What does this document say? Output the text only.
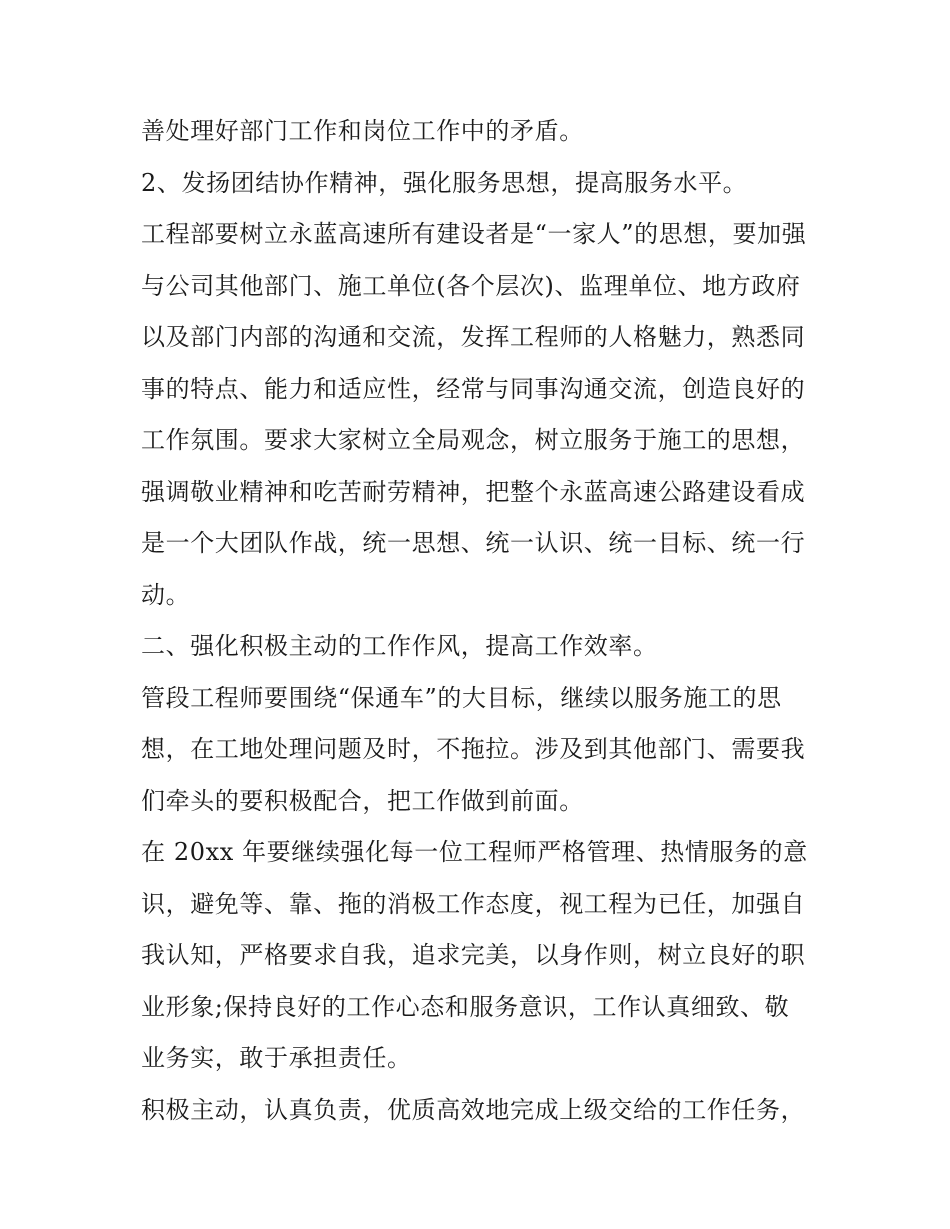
善处理好部门工作和岗位工作中的矛盾。
2、发扬团结协作精神，强化服务思想，提高服务水平。
工程部要树立永蓝高速所有建设者是“一家人”的思想，要加强
与公司其他部门、施工单位(各个层次)、监理单位、地方政府
以及部门内部的沟通和交流，发挥工程师的人格魅力，熟悉同
事的特点、能力和适应性，经常与同事沟通交流，创造良好的
工作氛围。要求大家树立全局观念，树立服务于施工的思想，
强调敬业精神和吃苦耐劳精神，把整个永蓝高速公路建设看成
是一个大团队作战，统一思想、统一认识、统一目标、统一行
动。
二、强化积极主动的工作作风，提高工作效率。
管段工程师要围绕“保通车”的大目标，继续以服务施工的思
想，在工地处理问题及时，不拖拉。涉及到其他部门、需要我
们牵头的要积极配合，把工作做到前面。
在 20xx 年要继续强化每一位工程师严格管理、热情服务的意
识，避免等、靠、拖的消极工作态度，视工程为已任，加强自
我认知，严格要求自我，追求完美，以身作则，树立良好的职
业形象;保持良好的工作心态和服务意识，工作认真细致、敬
业务实，敢于承担责任。
积极主动，认真负责，优质高效地完成上级交给的工作任务，
